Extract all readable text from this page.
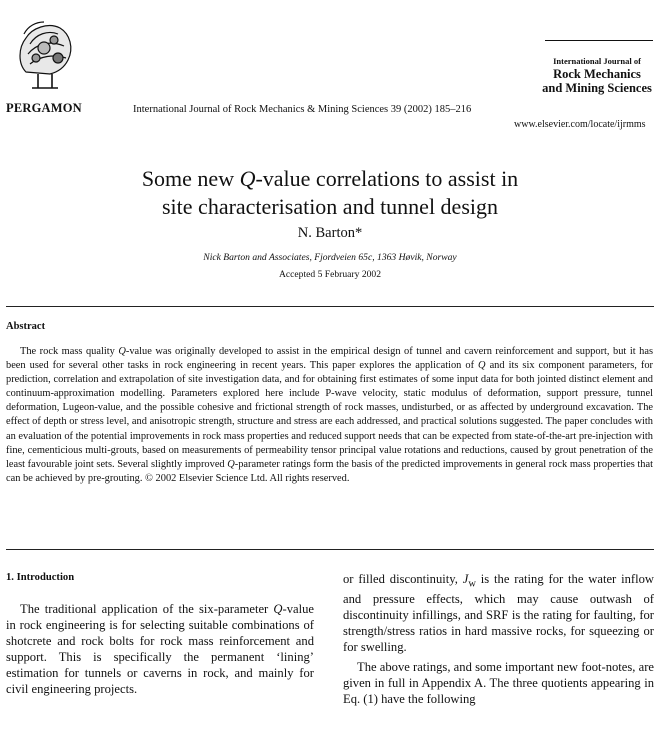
PERGAMON	International Journal of Rock Mechanics & Mining Sciences 39 (2002) 185–216
International Journal of
Rock Mechanics
and Mining Sciences
www.elsevier.com/locate/ijrmms
Some new Q-value correlations to assist in
site characterisation and tunnel design
N. Barton*
Nick Barton and Associates, Fjordveien 65c, 1363 Høvik, Norway
Accepted 5 February 2002
Abstract
The rock mass quality Q-value was originally developed to assist in the empirical design of tunnel and cavern reinforcement and support, but it has been used for several other tasks in rock engineering in recent years. This paper explores the application of Q and its six component parameters, for prediction, correlation and extrapolation of site investigation data, and for obtaining first estimates of some input data for both jointed distinct element and continuum-approximation modelling. Parameters explored here include P-wave velocity, static modulus of deformation, support pressure, tunnel deformation, Lugeon-value, and the possible cohesive and frictional strength of rock masses, undisturbed, or as affected by underground excavation. The effect of depth or stress level, and anisotropic strength, structure and stress are each addressed, and practical solutions suggested. The paper concludes with an evaluation of the potential improvements in rock mass properties and reduced support needs that can be expected from state-of-the-art pre-injection with fine, cementicious multi-grouts, based on measurements of permeability tensor principal value rotations and reductions, caused by grout penetration of the least favourable joint sets. Several slightly improved Q-parameter ratings form the basis of the predicted improvements in general rock mass properties that can be achieved by pre-grouting. © 2002 Elsevier Science Ltd. All rights reserved.
1. Introduction
The traditional application of the six-parameter Q-value in rock engineering is for selecting suitable combinations of shotcrete and rock bolts for rock mass reinforcement and support. This is specifically the permanent ‘lining’ estimation for tunnels or caverns in rock, and mainly for civil engineering projects.

or filled discontinuity, $J_w$ is the rating for the water inflow and pressure effects, which may cause outwash of discontinuity infillings, and SRF is the rating for faulting, for strength/stress ratios in hard massive rocks, for squeezing or for swelling.

The above ratings, and some important new foot-notes, are given in full in Appendix A. The three quotients appearing in Eq. (1) have the following
